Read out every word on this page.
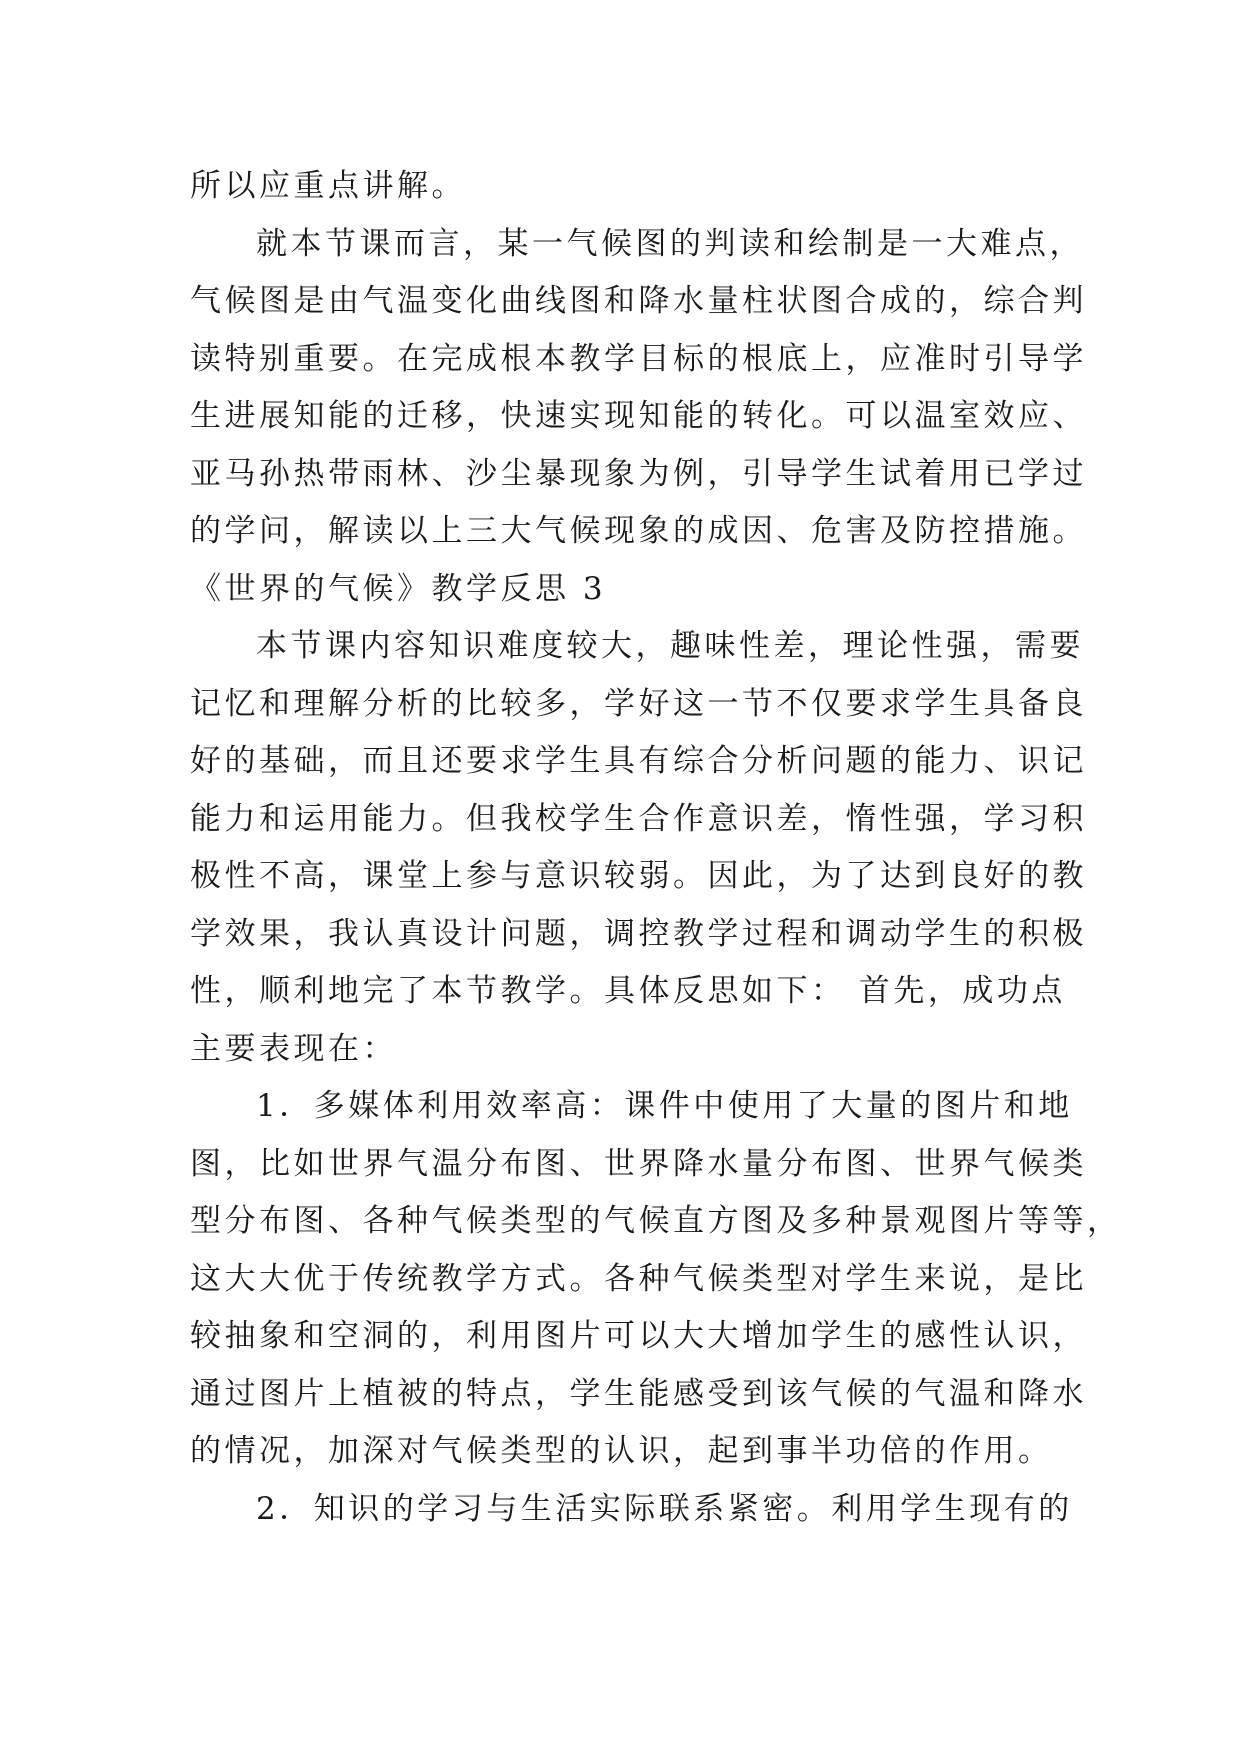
所以应重点讲解。
就本节课而言，某一气候图的判读和绘制是一大难点，
气候图是由气温变化曲线图和降水量柱状图合成的，综合判
读特别重要。在完成根本教学目标的根底上，应准时引导学
生进展知能的迁移，快速实现知能的转化。可以温室效应、
亚马孙热带雨林、沙尘暴现象为例，引导学生试着用已学过
的学问，解读以上三大气候现象的成因、危害及防控措施。
《世界的气候》教学反思 3
本节课内容知识难度较大，趣味性差，理论性强，需要
记忆和理解分析的比较多，学好这一节不仅要求学生具备良
好的基础，而且还要求学生具有综合分析问题的能力、识记
能力和运用能力。但我校学生合作意识差，惰性强，学习积
极性不高，课堂上参与意识较弱。因此，为了达到良好的教
学效果，我认真设计问题，调控教学过程和调动学生的积极
性，顺利地完了本节教学。具体反思如下： 首先，成功点
主要表现在：
1．多媒体利用效率高：课件中使用了大量的图片和地
图，比如世界气温分布图、世界降水量分布图、世界气候类
型分布图、各种气候类型的气候直方图及多种景观图片等等，
这大大优于传统教学方式。各种气候类型对学生来说，是比
较抽象和空洞的，利用图片可以大大增加学生的感性认识，
通过图片上植被的特点，学生能感受到该气候的气温和降水
的情况，加深对气候类型的认识，起到事半功倍的作用。
2．知识的学习与生活实际联系紧密。利用学生现有的
